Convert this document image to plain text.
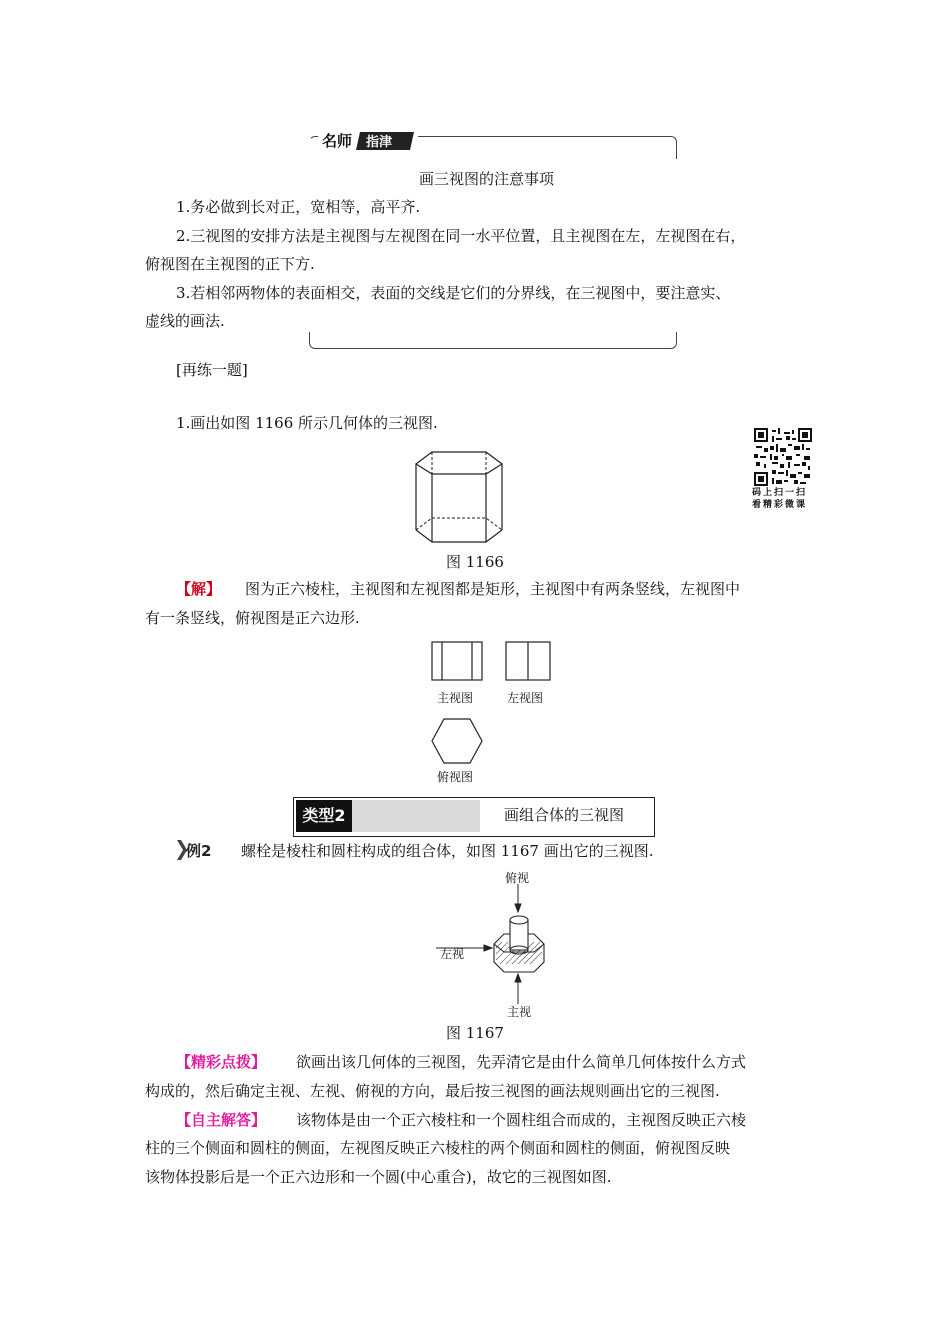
名师 指津
画三视图的注意事项
1.务必做到长对正，宽相等，高平齐.
2.三视图的安排方法是主视图与左视图在同一水平位置，且主视图在左，左视图在右，
俯视图在主视图的正下方.
3.若相邻两物体的表面相交，表面的交线是它们的分界线，在三视图中，要注意实、
虚线的画法.
[再练一题]
1.画出如图 1166 所示几何体的三视图.
图 1166
码上扫一扫
看精彩微课
【解】 图为正六棱柱，主视图和左视图都是矩形，主视图中有两条竖线，左视图中
有一条竖线，俯视图是正六边形.
主视图	左视图
俯视图
类型2	画组合体的三视图
例2 螺栓是棱柱和圆柱构成的组合体，如图 1167 画出它的三视图.
俯视
左视
主视
图 1167
【精彩点拨】 欲画出该几何体的三视图，先弄清它是由什么简单几何体按什么方式
构成的，然后确定主视、左视、俯视的方向，最后按三视图的画法规则画出它的三视图.
【自主解答】 该物体是由一个正六棱柱和一个圆柱组合而成的，主视图反映正六棱
柱的三个侧面和圆柱的侧面，左视图反映正六棱柱的两个侧面和圆柱的侧面，俯视图反映
该物体投影后是一个正六边形和一个圆(中心重合)，故它的三视图如图.
